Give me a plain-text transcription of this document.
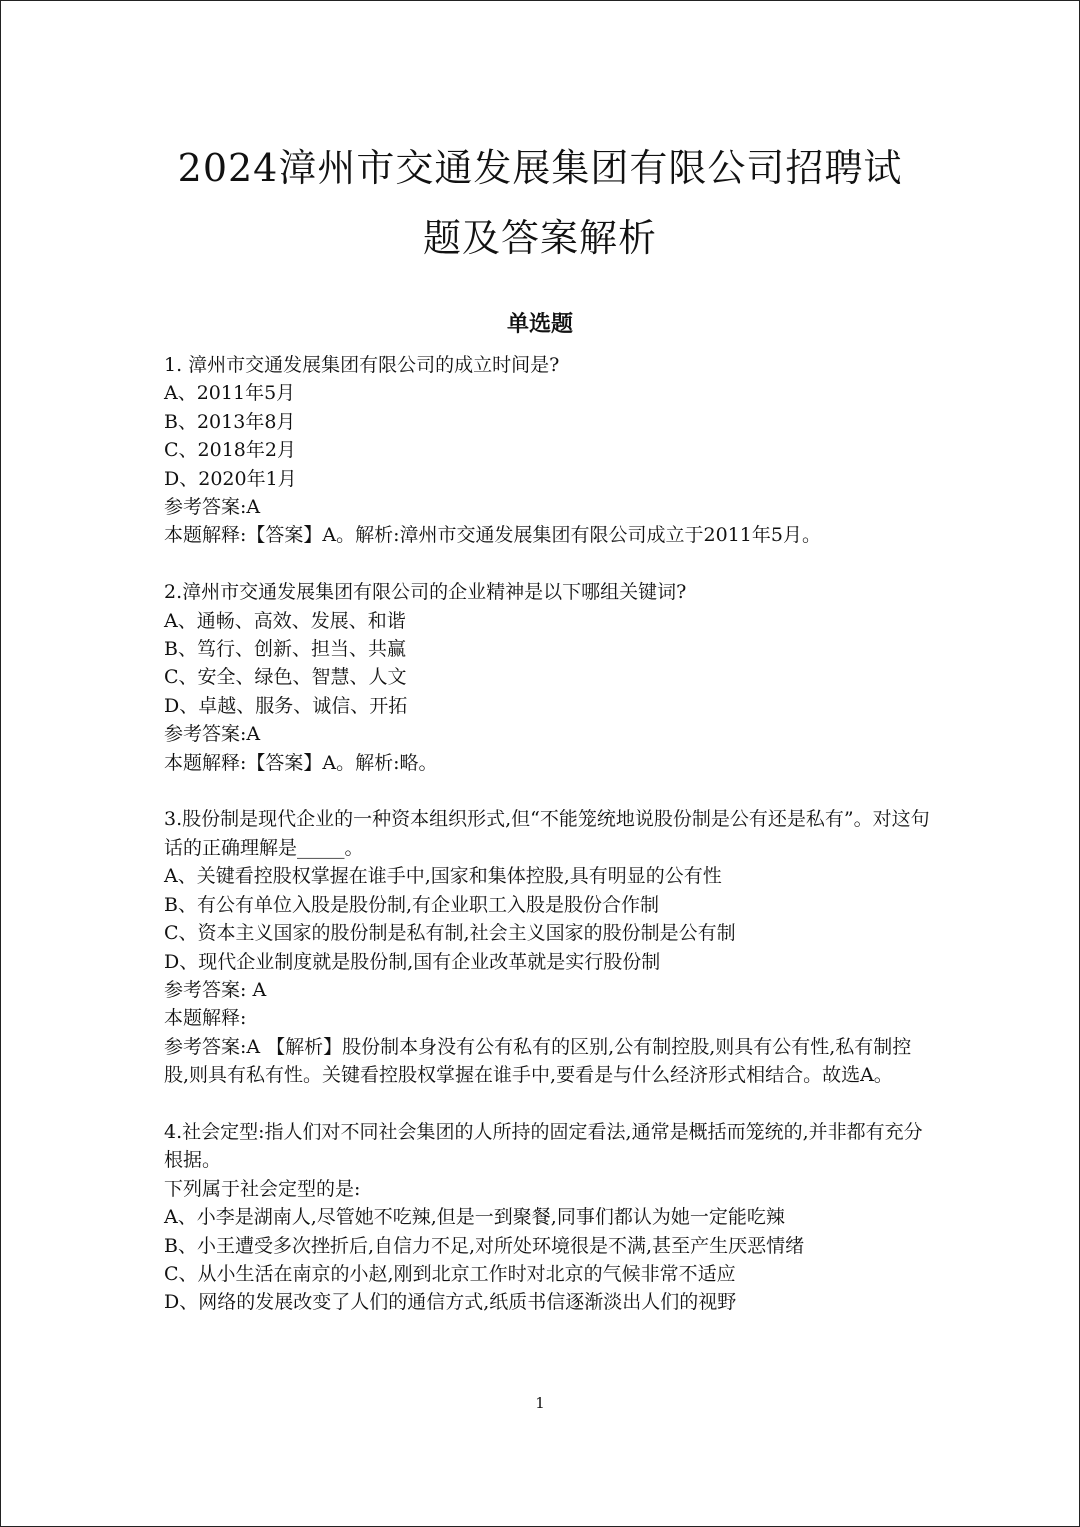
2024漳州市交通发展集团有限公司招聘试
题及答案解析
单选题

1. 漳州市交通发展集团有限公司的成立时间是?

A、2011年5月

B、2013年8月

C、2018年2月

D、2020年1月

参考答案:A

本题解释:【答案】A。解析:漳州市交通发展集团有限公司成立于2011年5月。

2.漳州市交通发展集团有限公司的企业精神是以下哪组关键词?

A、通畅、高效、发展、和谐

B、笃行、创新、担当、共赢

C、安全、绿色、智慧、人文

D、卓越、服务、诚信、开拓

参考答案:A

本题解释:【答案】A。解析:略。

3.股份制是现代企业的一种资本组织形式,但“不能笼统地说股份制是公有还是私有”。对这句话的正确理解是_____。

A、关键看控股权掌握在谁手中,国家和集体控股,具有明显的公有性

B、有公有单位入股是股份制,有企业职工入股是股份合作制

C、资本主义国家的股份制是私有制,社会主义国家的股份制是公有制

D、现代企业制度就是股份制,国有企业改革就是实行股份制

参考答案: A

本题解释:

参考答案:A 【解析】股份制本身没有公有私有的区别,公有制控股,则具有公有性,私有制控股,则具有私有性。关键看控股权掌握在谁手中,要看是与什么经济形式相结合。故选A。

4.社会定型:指人们对不同社会集团的人所持的固定看法,通常是概括而笼统的,并非都有充分根据。

下列属于社会定型的是:

A、小李是湖南人,尽管她不吃辣,但是一到聚餐,同事们都认为她一定能吃辣

B、小王遭受多次挫折后,自信力不足,对所处环境很是不满,甚至产生厌恶情绪

C、从小生活在南京的小赵,刚到北京工作时对北京的气候非常不适应

D、网络的发展改变了人们的通信方式,纸质书信逐渐淡出人们的视野

1
